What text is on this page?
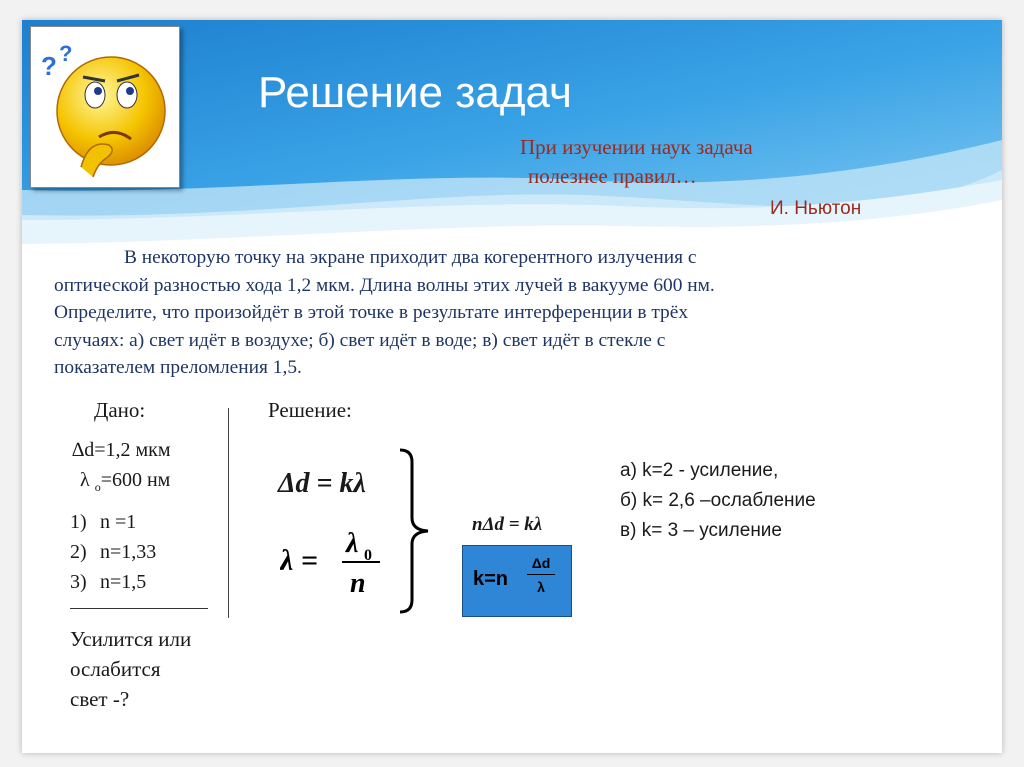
? ?
Решение задач
При изучении наук задача
полезнее правил…
И. Ньютон
В некоторую точку на экране приходит два когерентного излучения с
оптической разностью хода 1,2 мкм. Длина волны этих лучей в вакууме 600 нм.
Определите, что произойдёт в этой точке в результате интерференции в трёх
случаях: а) свет идёт в воздухе; б) свет идёт в воде; в) свет идёт в стекле с
показателем преломления 1,5.
Дано:	Решение:
∆d=1,2 мкм
λ $_o$=600 нм
1) n =1
2) n=1,33
3) n=1,5
Усилится или
ослабится
свет -?
Δd = kλ
λ =
λ 0
n
nΔd = kλ
k=n
Δd
λ
а) k=2 - усиление,
б) k= 2,6 –ослабление
в) k= 3 – усиление
